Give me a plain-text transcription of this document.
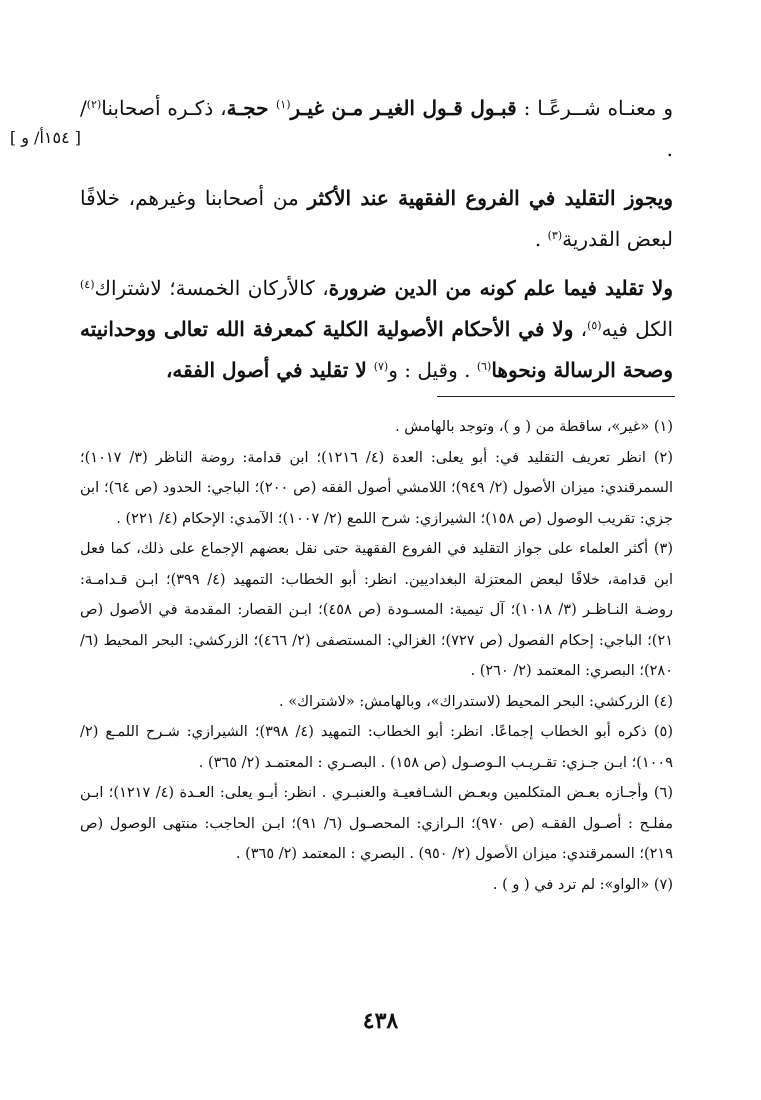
[ ١٥٤أ/ و ]

و معنـاه شــرعًـا : قبـول قـول الغيـر مـن غيـر$^{(١)}$ حجـة، ذكـره أصحابنا$^{(٢)}$/ .

ويجوز التقليد في الفروع الفقهية عند الأكثر من أصحابنا وغيرهم، خلافًا لبعض القدرية$^{(٣)}$ .

ولا تقليد فيما علم كونه من الدين ضرورة، كالأركان الخمسة؛ لاشتراك$^{(٤)}$ الكل فيه$^{(٥)}$، ولا في الأحكام الأصولية الكلية كمعرفة الله تعالى ووحدانيته وصحة الرسالة ونحوها$^{(٦)}$ . وقيل : و$^{(٧)}$ لا تقليد في أصول الفقه،

(١) «غير»، ساقطة من ( و )، وتوجد بالهامش .

(٢) انظر تعريف التقليد في: أبو يعلى: العدة (٤/ ١٢١٦)؛ ابن قدامة: روضة الناظر (٣/ ١٠١٧)؛ السمرقندي: ميزان الأصول (٢/ ٩٤٩)؛ اللامشي أصول الفقه (ص ٢٠٠)؛ الباجي: الحدود (ص ٦٤)؛ ابن جزي: تقريب الوصول (ص ١٥٨)؛ الشيرازي: شرح اللمع (٢/ ١٠٠٧)؛ الآمدي: الإحكام (٤/ ٢٢١) .

(٣) أكثر العلماء على جواز التقليد في الفروع الفقهية حتى نقل بعضهم الإجماع على ذلك، كما فعل ابن قدامة، خلافًا لبعض المعتزلة البغداديين. انظر: أبو الخطاب: التمهيد (٤/ ٣٩٩)؛ ابـن قـدامـة: روضـة النـاظـر (٣/ ١٠١٨)؛ آل تيمية: المسـودة (ص ٤٥٨)؛ ابـن القصار: المقدمة في الأصول (ص ٢١)؛ الباجي: إحكام الفصول (ص ٧٢٧)؛ الغزالي: المستصفى (٢/ ٤٦٦)؛ الزركشي: البحر المحيط (٦/ ٢٨٠)؛ البصري: المعتمد (٢/ ٢٦٠) .

(٤) الزركشي: البحر المحيط (لاستدراك»، وبالهامش: «لاشتراك» .

(٥) ذكره أبو الخطاب إجماعًا. انظر: أبو الخطاب: التمهيد (٤/ ٣٩٨)؛ الشيرازي: شـرح اللمـع (٢/ ١٠٠٩)؛ ابـن جـزي: تقـريـب الـوصـول (ص ١٥٨) . البصـري : المعتمـد (٢/ ٣٦٥) .

(٦) وأجـازه بعـض المتكلمين وبعـض الشـافعيـة والعنبـري . انظر: أبـو يعلى: العـدة (٤/ ١٢١٧)؛ ابـن مفلـح : أصـول الفقـه (ص ٩٧٠)؛ الـرازي: المحصـول (٦/ ٩١)؛ ابـن الحاجب: منتهى الوصول (ص ٢١٩)؛ السمرقندي: ميزان الأصول (٢/ ٩٥٠) . البصري : المعتمد (٢/ ٣٦٥) .

(٧) «الواو»: لم ترد في ( و ) .

٤٣٨
